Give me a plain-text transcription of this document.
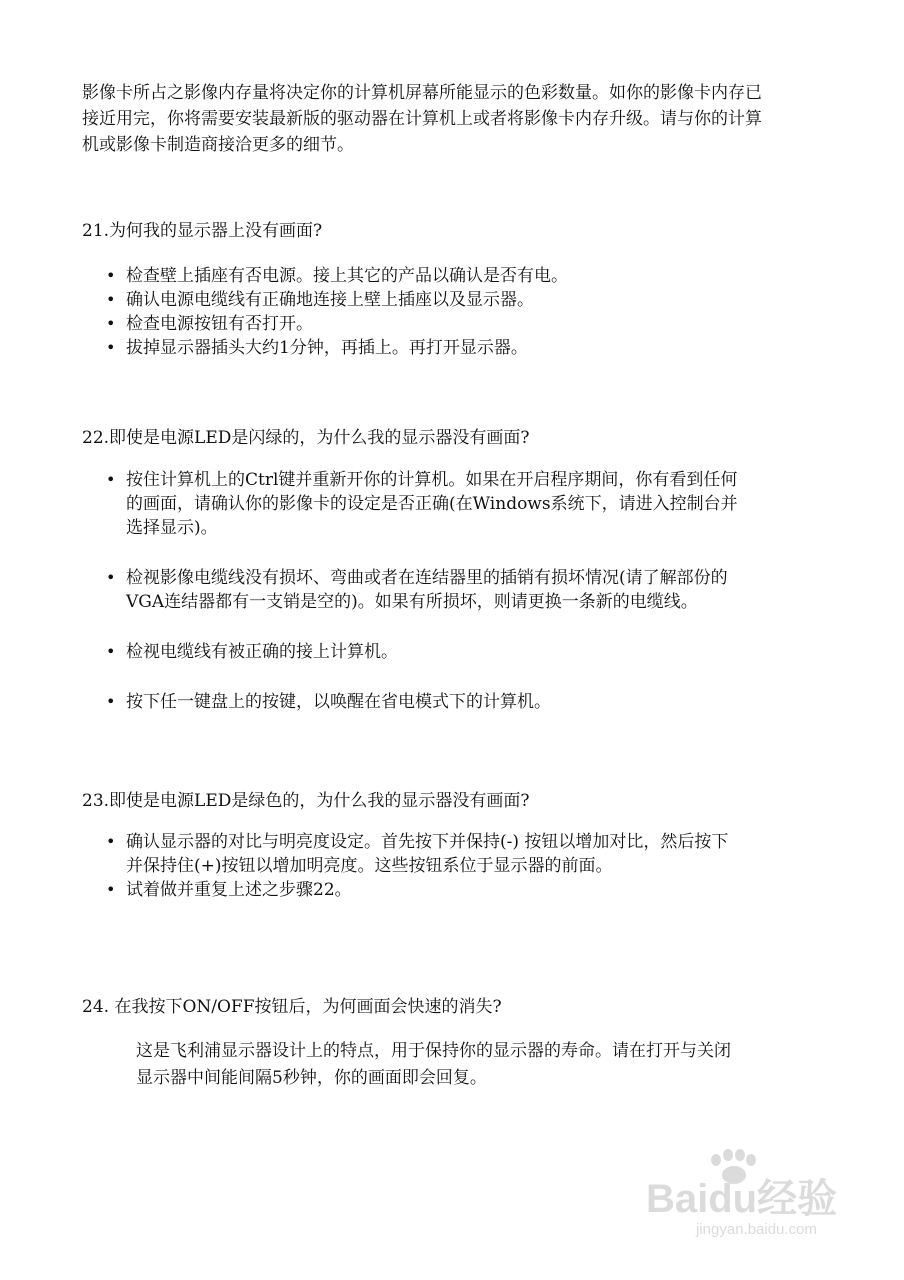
影像卡所占之影像内存量将决定你的计算机屏幕所能显示的色彩数量。如你的影像卡内存已接近用完，你将需要安装最新版的驱动器在计算机上或者将影像卡内存升级。请与你的计算机或影像卡制造商接洽更多的细节。

21.为何我的显示器上没有画面?
• 检查壁上插座有否电源。接上其它的产品以确认是否有电。
• 确认电源电缆线有正确地连接上壁上插座以及显示器。
• 检查电源按钮有否打开。
• 拔掉显示器插头大约1分钟，再插上。再打开显示器。
22.即使是电源LED是闪绿的，为什么我的显示器没有画面?
• 按住计算机上的Ctrl键并重新开你的计算机。如果在开启程序期间，你有看到任何的画面，请确认你的影像卡的设定是否正确(在Windows系统下，请进入控制台并选择显示)。
• 检视影像电缆线没有损坏、弯曲或者在连结器里的插销有损坏情况(请了解部份的VGA连结器都有一支销是空的)。如果有所损坏，则请更换一条新的电缆线。
• 检视电缆线有被正确的接上计算机。
• 按下任一键盘上的按键，以唤醒在省电模式下的计算机。
23.即使是电源LED是绿色的，为什么我的显示器没有画面?
• 确认显示器的对比与明亮度设定。首先按下并保持(-) 按钮以增加对比，然后按下并保持住(+)按钮以增加明亮度。这些按钮系位于显示器的前面。
• 试着做并重复上述之步骤22。
24. 在我按下ON/OFF按钮后，为何画面会快速的消失?

这是飞利浦显示器设计上的特点，用于保持你的显示器的寿命。请在打开与关闭显示器中间能间隔5秒钟，你的画面即会回复。

Baidu经验
jingyan.baidu.com
